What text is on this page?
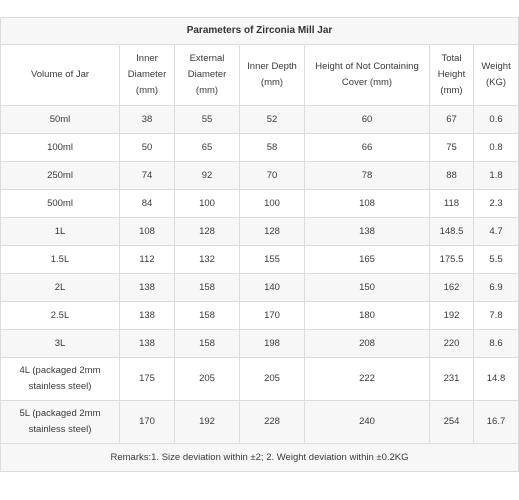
Parameters of Zirconia Mill Jar						
Volume of Jar	Inner Diameter (mm)	External Diameter (mm)	Inner Depth (mm)	Height of Not Containing Cover (mm)	Total Height (mm)	Weight (KG)
50ml	38	55	52	60	67	0.6
100ml	50	65	58	66	75	0.8
250ml	74	92	70	78	88	1.8
500ml	84	100	100	108	118	2.3
1L	108	128	128	138	148.5	4.7
1.5L	112	132	155	165	175.5	5.5
2L	138	158	140	150	162	6.9
2.5L	138	158	170	180	192	7.8
3L	138	158	198	208	220	8.6
4L (packaged 2mm stainless steel)	175	205	205	222	231	14.8
5L (packaged 2mm stainless steel)	170	192	228	240	254	16.7
Remarks:1. Size deviation within ±2; 2. Weight deviation within ±0.2KG						
